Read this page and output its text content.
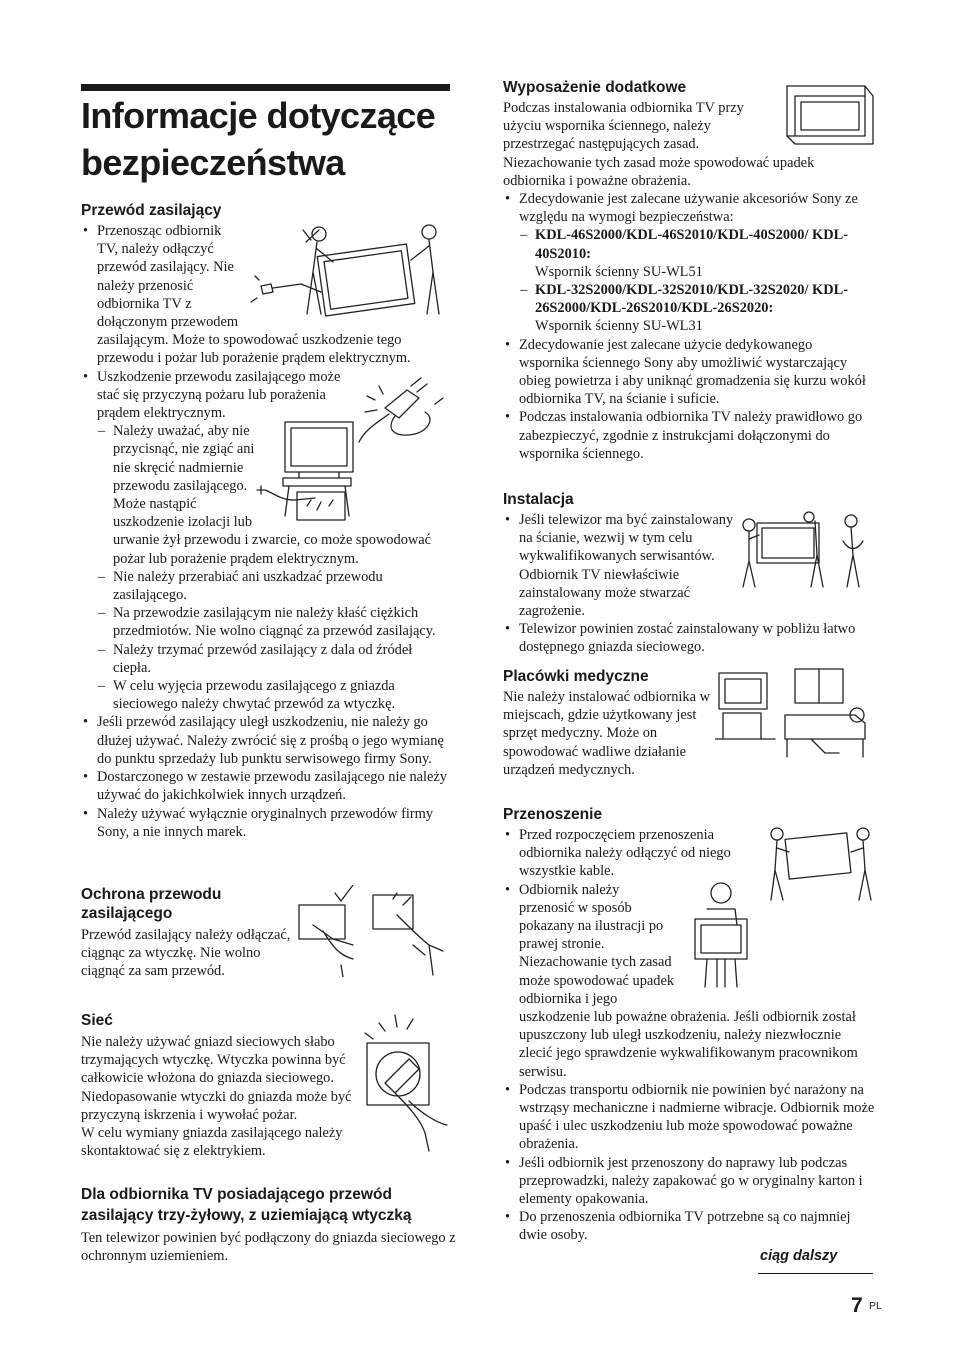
Informacje dotyczące bezpieczeństwa
Przewód zasilający
• Przenosząc odbiornik TV, należy odłączyć przewód zasilający. Nie należy przenosić odbiornika TV z dołączonym przewodem zasilającym. Może to spowodować uszkodzenie tego przewodu i pożar lub porażenie prądem elektrycznym.
• Uszkodzenie przewodu zasilającego może stać się przyczyną pożaru lub porażenia prądem elektrycznym.
– Należy uważać, aby nie przycisnąć, nie zgiąć ani nie skręcić nadmiernie przewodu zasilającego. Może nastąpić uszkodzenie izolacji lub urwanie żył przewodu i zwarcie, co może spowodować pożar lub porażenie prądem elektrycznym.
– Nie należy przerabiać ani uszkadzać przewodu zasilającego.
– Na przewodzie zasilającym nie należy kłaść ciężkich przedmiotów. Nie wolno ciągnąć za przewód zasilający.
– Należy trzymać przewód zasilający z dala od źródeł ciepła.
– W celu wyjęcia przewodu zasilającego z gniazda sieciowego należy chwytać przewód za wtyczkę.
• Jeśli przewód zasilający uległ uszkodzeniu, nie należy go dłużej używać. Należy zwrócić się z prośbą o jego wymianę do punktu sprzedaży lub punktu serwisowego firmy Sony.
• Dostarczonego w zestawie przewodu zasilającego nie należy używać do jakichkolwiek innych urządzeń.
• Należy używać wyłącznie oryginalnych przewodów firmy Sony, a nie innych marek.
Ochrona przewodu zasilającego

Przewód zasilający należy odłączać, ciągnąc za wtyczkę. Nie wolno ciągnąć za sam przewód.

Sieć

Nie należy używać gniazd sieciowych słabo trzymających wtyczkę. Wtyczka powinna być całkowicie włożona do gniazda sieciowego. Niedopasowanie wtyczki do gniazda może być przyczyną iskrzenia i wywołać pożar.

W celu wymiany gniazda zasilającego należy skontaktować się z elektrykiem.

Dla odbiornika TV posiadającego przewód zasilający trzy-żyłowy, z uziemiającą wtyczką

Ten telewizor powinien być podłączony do gniazda sieciowego z ochronnym uziemieniem.

Wyposażenie dodatkowe

Podczas instalowania odbiornika TV przy użyciu wspornika ściennego, należy przestrzegać następujących zasad. Niezachowanie tych zasad może spowodować upadek odbiornika i poważne obrażenia.

• Zdecydowanie jest zalecane używanie akcesoriów Sony ze względu na wymogi bezpieczeństwa:
– KDL-46S2000/KDL-46S2010/KDL-40S2000/ KDL-40S2010:
Wspornik ścienny SU-WL51
– KDL-32S2000/KDL-32S2010/KDL-32S2020/ KDL-26S2000/KDL-26S2010/KDL-26S2020:
Wspornik ścienny SU-WL31
• Zdecydowanie jest zalecane użycie dedykowanego wspornika ściennego Sony aby umożliwić wystarczający obieg powietrza i aby uniknąć gromadzenia się kurzu wokół odbiornika TV, na ścianie i suficie.
• Podczas instalowania odbiornika TV należy prawidłowo go zabezpieczyć, zgodnie z instrukcjami dołączonymi do wspornika ściennego.
Instalacja
• Jeśli telewizor ma być zainstalowany na ścianie, wezwij w tym celu wykwalifikowanych serwisantów. Odbiornik TV niewłaściwie zainstalowany może stwarzać zagrożenie.
• Telewizor powinien zostać zainstalowany w pobliżu łatwo dostępnego gniazda sieciowego.
Placówki medyczne

Nie należy instalować odbiornika w miejscach, gdzie użytkowany jest sprzęt medyczny. Może on spowodować wadliwe działanie urządzeń medycznych.

Przenoszenie
• Przed rozpoczęciem przenoszenia odbiornika należy odłączyć od niego wszystkie kable.
• Odbiornik należy przenosić w sposób pokazany na ilustracji po prawej stronie. Niezachowanie tych zasad może spowodować upadek odbiornika i jego uszkodzenie lub poważne obrażenia. Jeśli odbiornik został upuszczony lub uległ uszkodzeniu, należy niezwłocznie zlecić jego sprawdzenie wykwalifikowanym pracownikom serwisu.
• Podczas transportu odbiornik nie powinien być narażony na wstrząsy mechaniczne i nadmierne wibracje. Odbiornik może upaść i ulec uszkodzeniu lub może spowodować poważne obrażenia.
• Jeśli odbiornik jest przenoszony do naprawy lub podczas przeprowadzki, należy zapakować go w oryginalny karton i elementy opakowania.
• Do przenoszenia odbiornika TV potrzebne są co najmniej dwie osoby.
ciąg dalszy
7 PL
